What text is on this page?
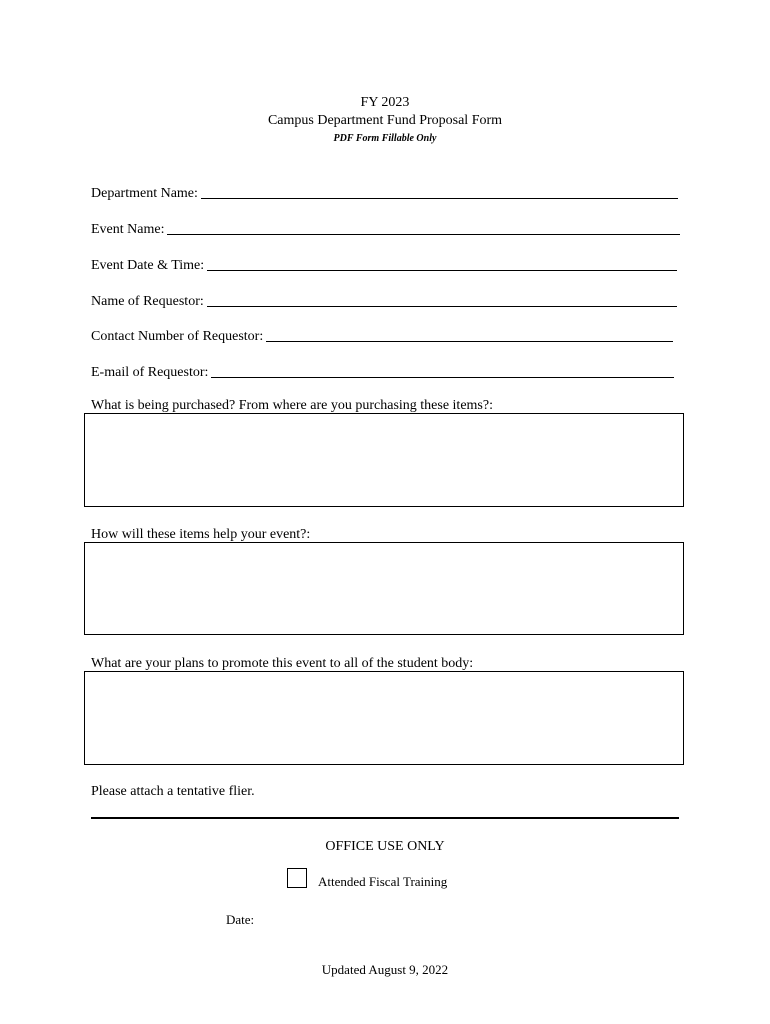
FY 2023
Campus Department Fund Proposal Form
PDF Form Fillable Only
Department Name:
Event Name:
Event Date & Time:
Name of Requestor:
Contact Number of Requestor:
E-mail of Requestor:
What is being purchased? From where are you purchasing these items?:
How will these items help your event?:
What are your plans to promote this event to all of the student body:
Please attach a tentative flier.
OFFICE USE ONLY
Attended Fiscal Training
Date:
Updated August 9, 2022
